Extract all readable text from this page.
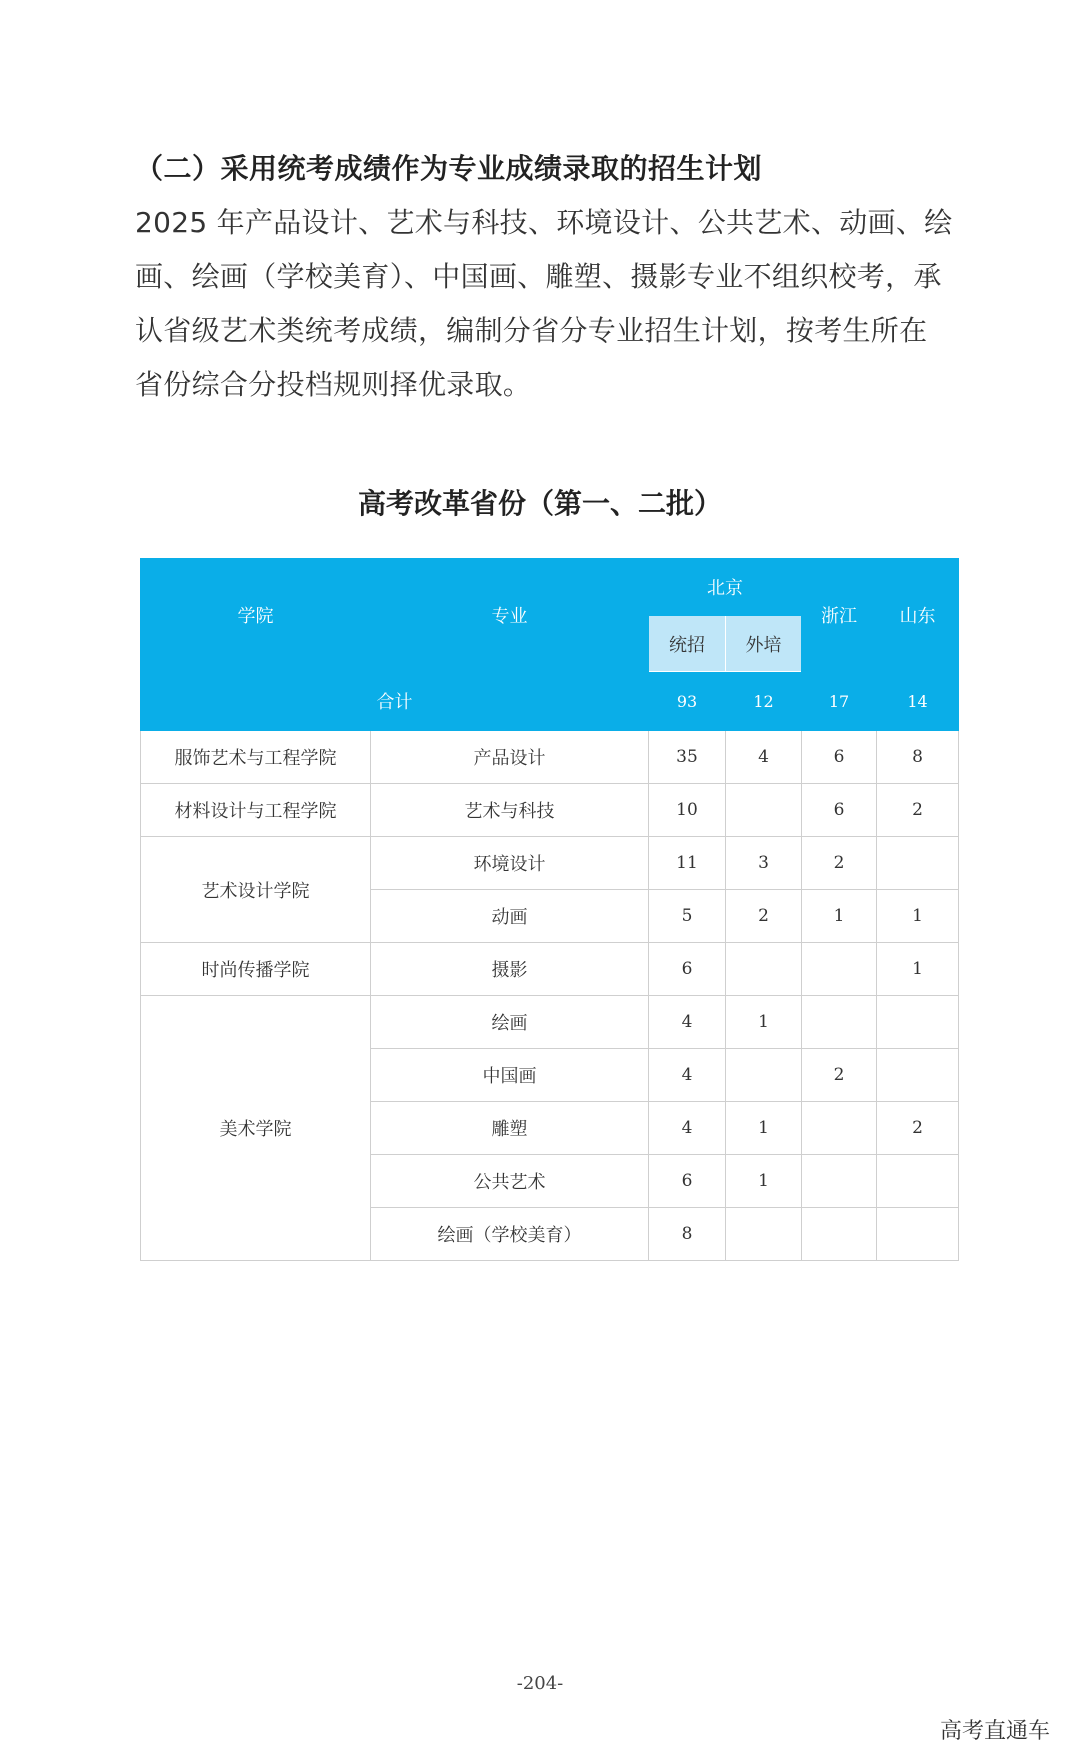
（二）采用统考成绩作为专业成绩录取的招生计划
2025 年产品设计、艺术与科技、环境设计、公共艺术、动画、绘画、绘画（学校美育）、中国画、雕塑、摄影专业不组织校考，承认省级艺术类统考成绩，编制分省分专业招生计划，按考生所在省份综合分投档规则择优录取。
高考改革省份（第一、二批）
学院	专业	北京		浙江	山东
		统招	外培		
合计		93	12	17	14
服饰艺术与工程学院	产品设计	35	4	6	8
材料设计与工程学院	艺术与科技	10		6	2
艺术设计学院	环境设计	11	3	2	
	动画	5	2	1	1
时尚传播学院	摄影	6			1
美术学院	绘画	4	1		
	中国画	4		2	
	雕塑	4	1		2
	公共艺术	6	1		
	绘画（学校美育）	8			
-204-
高考直通车
